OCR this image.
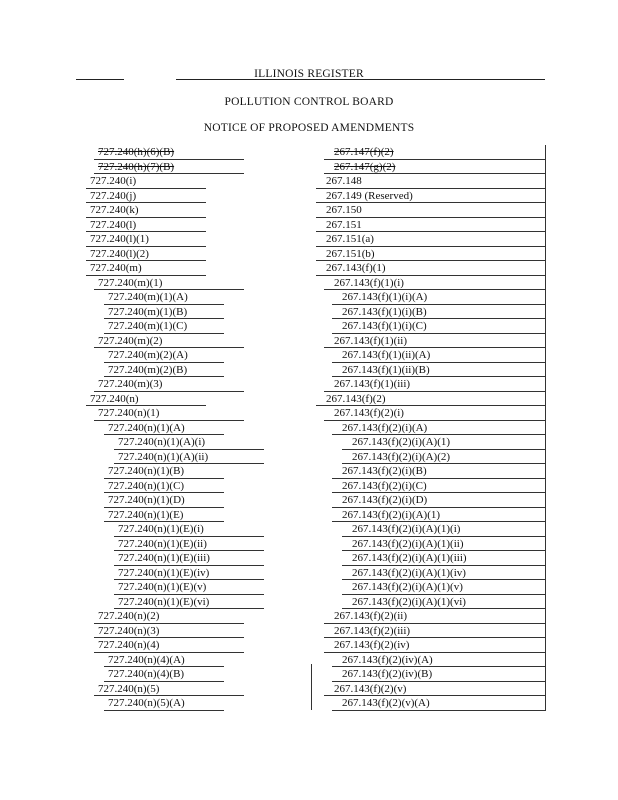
ILLINOIS REGISTER
POLLUTION CONTROL BOARD
NOTICE OF PROPOSED AMENDMENTS
727.240(h)(6)(B)	267.147(f)(2)
727.240(h)(7)(B)	267.147(g)(2)
727.240(i)	267.148
727.240(j)	267.149 (Reserved)
727.240(k)	267.150
727.240(l)	267.151
727.240(l)(1)	267.151(a)
727.240(l)(2)	267.151(b)
727.240(m)	267.143(f)(1)
727.240(m)(1)	267.143(f)(1)(i)
727.240(m)(1)(A)	267.143(f)(1)(i)(A)
727.240(m)(1)(B)	267.143(f)(1)(i)(B)
727.240(m)(1)(C)	267.143(f)(1)(i)(C)
727.240(m)(2)	267.143(f)(1)(ii)
727.240(m)(2)(A)	267.143(f)(1)(ii)(A)
727.240(m)(2)(B)	267.143(f)(1)(ii)(B)
727.240(m)(3)	267.143(f)(1)(iii)
727.240(n)	267.143(f)(2)
727.240(n)(1)	267.143(f)(2)(i)
727.240(n)(1)(A)	267.143(f)(2)(i)(A)
727.240(n)(1)(A)(i)	267.143(f)(2)(i)(A)(1)
727.240(n)(1)(A)(ii)	267.143(f)(2)(i)(A)(2)
727.240(n)(1)(B)	267.143(f)(2)(i)(B)
727.240(n)(1)(C)	267.143(f)(2)(i)(C)
727.240(n)(1)(D)	267.143(f)(2)(i)(D)
727.240(n)(1)(E)	267.143(f)(2)(i)(A)(1)
727.240(n)(1)(E)(i)	267.143(f)(2)(i)(A)(1)(i)
727.240(n)(1)(E)(ii)	267.143(f)(2)(i)(A)(1)(ii)
727.240(n)(1)(E)(iii)	267.143(f)(2)(i)(A)(1)(iii)
727.240(n)(1)(E)(iv)	267.143(f)(2)(i)(A)(1)(iv)
727.240(n)(1)(E)(v)	267.143(f)(2)(i)(A)(1)(v)
727.240(n)(1)(E)(vi)	267.143(f)(2)(i)(A)(1)(vi)
727.240(n)(2)	267.143(f)(2)(ii)
727.240(n)(3)	267.143(f)(2)(iii)
727.240(n)(4)	267.143(f)(2)(iv)
727.240(n)(4)(A)	267.143(f)(2)(iv)(A)
727.240(n)(4)(B)	267.143(f)(2)(iv)(B)
727.240(n)(5)	267.143(f)(2)(v)
727.240(n)(5)(A)	267.143(f)(2)(v)(A)
